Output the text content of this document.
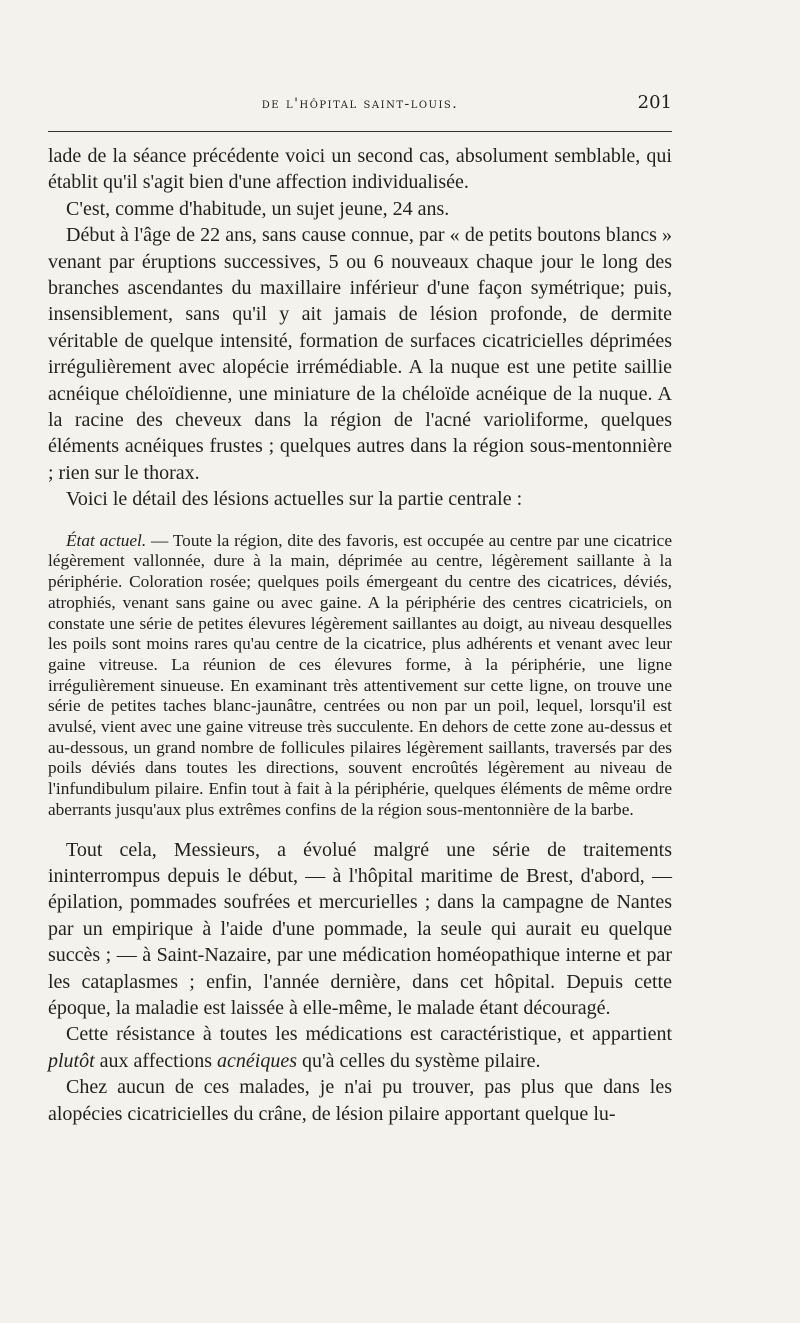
de l'hôpital saint-louis.	201

lade de la séance précédente voici un second cas, absolument semblable, qui établit qu'il s'agit bien d'une affection individualisée.

C'est, comme d'habitude, un sujet jeune, 24 ans.

Début à l'âge de 22 ans, sans cause connue, par « de petits boutons blancs » venant par éruptions successives, 5 ou 6 nouveaux chaque jour le long des branches ascendantes du maxillaire inférieur d'une façon symétrique; puis, insensiblement, sans qu'il y ait jamais de lésion profonde, de dermite véritable de quelque intensité, formation de surfaces cicatricielles déprimées irrégulièrement avec alopécie irrémédiable. A la nuque est une petite saillie acnéique chéloïdienne, une miniature de la chéloïde acnéique de la nuque. A la racine des cheveux dans la région de l'acné varioliforme, quelques éléments acnéiques frustes ; quelques autres dans la région sous-mentonnière ; rien sur le thorax.

Voici le détail des lésions actuelles sur la partie centrale :

État actuel. — Toute la région, dite des favoris, est occupée au centre par une cicatrice légèrement vallonnée, dure à la main, déprimée au centre, légèrement saillante à la périphérie. Coloration rosée; quelques poils émergeant du centre des cicatrices, déviés, atrophiés, venant sans gaine ou avec gaine. A la périphérie des centres cicatriciels, on constate une série de petites élevures légèrement saillantes au doigt, au niveau desquelles les poils sont moins rares qu'au centre de la cicatrice, plus adhérents et venant avec leur gaine vitreuse. La réunion de ces élevures forme, à la périphérie, une ligne irrégulièrement sinueuse. En examinant très attentivement sur cette ligne, on trouve une série de petites taches blanc-jaunâtre, centrées ou non par un poil, lequel, lorsqu'il est avulsé, vient avec une gaine vitreuse très succulente. En dehors de cette zone au-dessus et au-dessous, un grand nombre de follicules pilaires légèrement saillants, traversés par des poils déviés dans toutes les directions, souvent encroûtés légèrement au niveau de l'infundibulum pilaire. Enfin tout à fait à la périphérie, quelques éléments de même ordre aberrants jusqu'aux plus extrêmes confins de la région sous-mentonnière de la barbe.

Tout cela, Messieurs, a évolué malgré une série de traitements ininterrompus depuis le début, — à l'hôpital maritime de Brest, d'abord, — épilation, pommades soufrées et mercurielles ; dans la campagne de Nantes par un empirique à l'aide d'une pommade, la seule qui aurait eu quelque succès ; — à Saint-Nazaire, par une médication homéopathique interne et par les cataplasmes ; enfin, l'année dernière, dans cet hôpital. Depuis cette époque, la maladie est laissée à elle-même, le malade étant découragé.

Cette résistance à toutes les médications est caractéristique, et appartient plutôt aux affections acnéiques qu'à celles du système pilaire.

Chez aucun de ces malades, je n'ai pu trouver, pas plus que dans les alopécies cicatricielles du crâne, de lésion pilaire apportant quelque lu-
